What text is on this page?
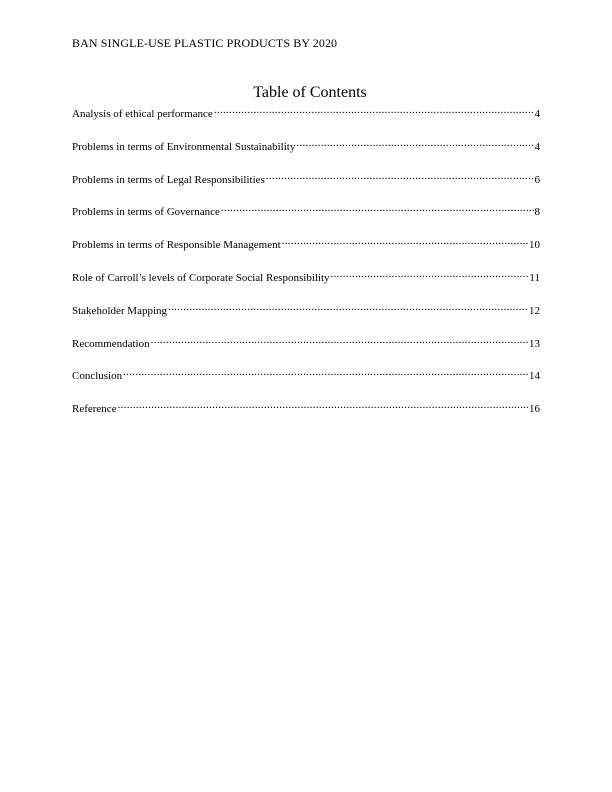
BAN SINGLE-USE PLASTIC PRODUCTS BY 2020
Table of Contents
Analysis of ethical performance .....	4
Problems in terms of Environmental Sustainability .....	4
Problems in terms of Legal Responsibilities .....	6
Problems in terms of Governance .....	8
Problems in terms of Responsible Management .....	10
Role of Carroll’s levels of Corporate Social Responsibility .....	11
Stakeholder Mapping .....	12
Recommendation .....	13
Conclusion .....	14
Reference .....	16
